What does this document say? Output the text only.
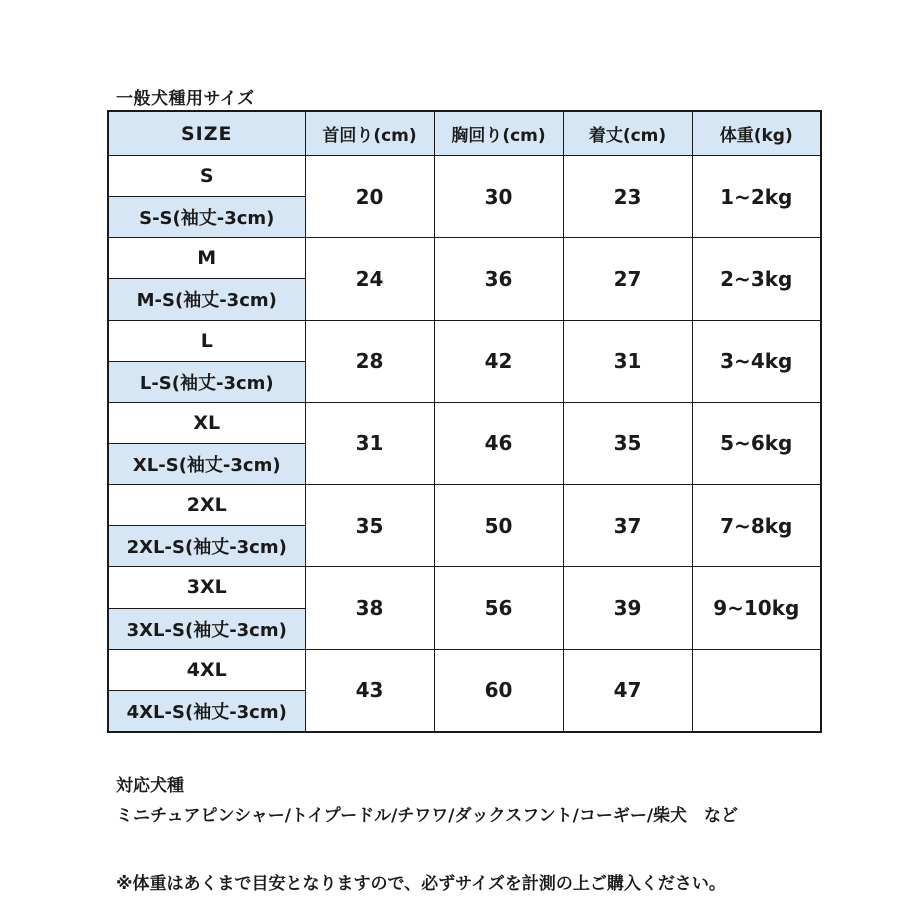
一般犬種用サイズ
SIZE	首回り(cm)	胸回り(cm)	着丈(cm)	体重(kg)
S	20	30	23	1~2kg
S-S(袖丈-3cm)				
M	24	36	27	2~3kg
M-S(袖丈-3cm)				
L	28	42	31	3~4kg
L-S(袖丈-3cm)				
XL	31	46	35	5~6kg
XL-S(袖丈-3cm)				
2XL	35	50	37	7~8kg
2XL-S(袖丈-3cm)				
3XL	38	56	39	9~10kg
3XL-S(袖丈-3cm)				
4XL	43	60	47	
4XL-S(袖丈-3cm)				
対応犬種
ミニチュアピンシャー/トイプードル/チワワ/ダックスフント/コーギー/柴犬　など
※体重はあくまで目安となりますので、必ずサイズを計測の上ご購入ください。
